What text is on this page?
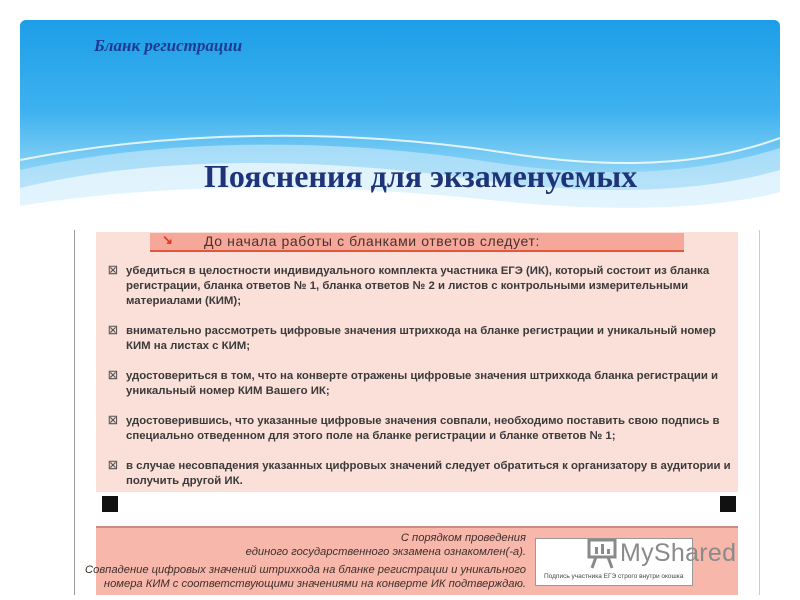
Бланк регистрации
Пояснения для экзаменуемых
↘ До начала работы с бланками ответов следует:
☒ убедиться в целостности индивидуального комплекта участника ЕГЭ (ИК), который состоит из бланка регистрации, бланка ответов № 1, бланка ответов № 2 и листов с контрольными измерительными материалами (КИМ);
☒ внимательно рассмотреть цифровые значения штрихкода на бланке регистрации и уникальный номер КИМ на листах с КИМ;
☒ удостовериться в том, что на конверте отражены цифровые значения штрихкода бланка регистрации и уникальный номер КИМ Вашего ИК;
☒ удостоверившись, что указанные цифровые значения совпали, необходимо поставить свою подпись в специально отведенном для этого поле на бланке регистрации и бланке ответов № 1;
☒ в случае несовпадения указанных цифровых значений следует обратиться к организатору в аудитории и получить другой ИК.
С порядком проведения
единого государственного экзамена ознакомлен(-а).
Совпадение цифровых значений штрихкода на бланке регистрации и уникального
номера КИМ с соответствующими значениями на конверте ИК подтверждаю.
Подпись участника ЕГЭ строго внутри окошка
MyShared
